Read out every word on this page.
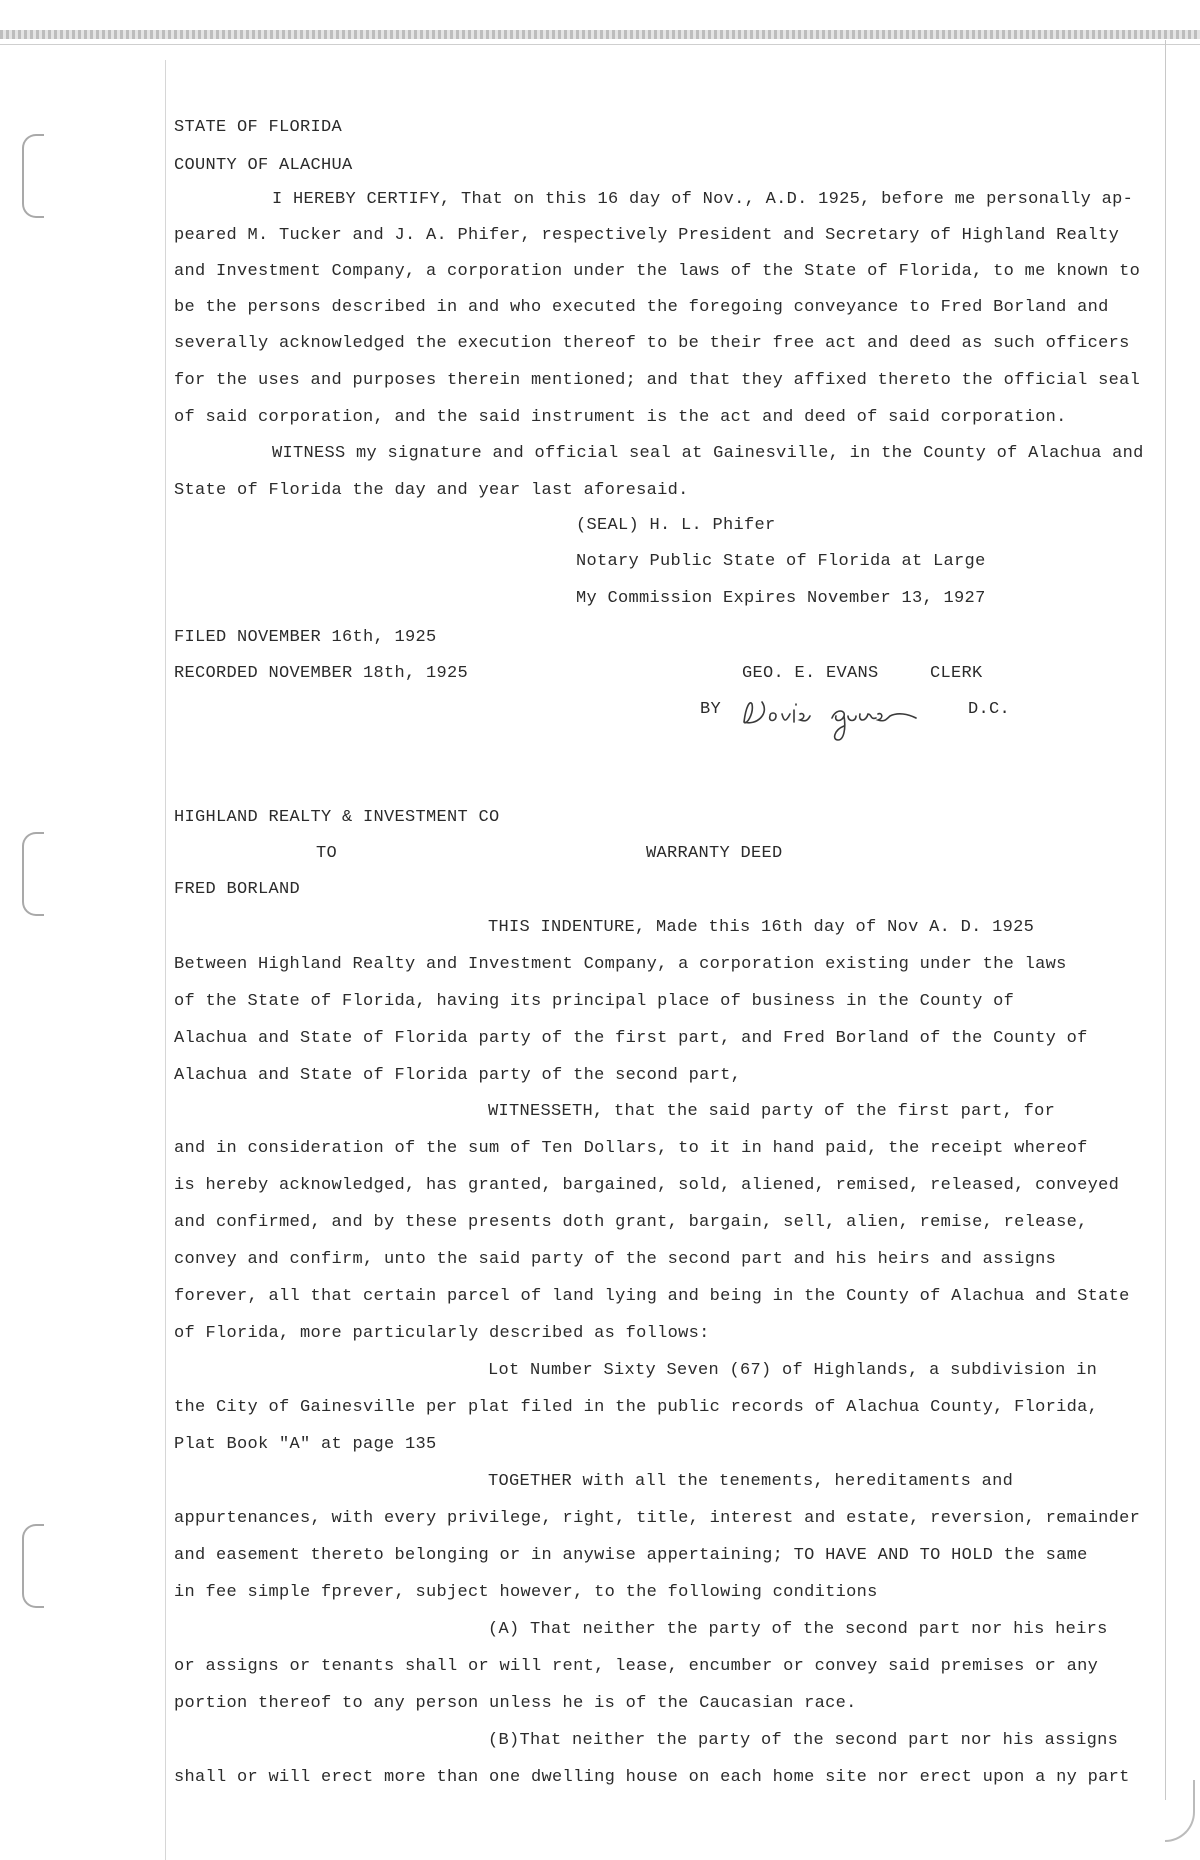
STATE OF FLORIDA
COUNTY OF ALACHUA
I HEREBY CERTIFY, That on this 16 day of Nov., A.D. 1925, before me personally ap-
peared M. Tucker and J. A. Phifer, respectively President and Secretary of Highland Realty
and Investment Company, a corporation under the laws of the State of Florida, to me known to
be the persons described in and who executed the foregoing conveyance to Fred Borland and
severally acknowledged the execution thereof to be their free act and deed as such officers
for the uses and purposes therein mentioned; and that they affixed thereto the official seal
of said corporation, and the said instrument is the act and deed of said corporation.
WITNESS my signature and official seal at Gainesville, in the County of Alachua and
State of Florida the day and year last aforesaid.
(SEAL) H. L. Phifer
Notary Public State of Florida at Large
My Commission Expires November 13, 1927
FILED NOVEMBER 16th, 1925
RECORDED NOVEMBER 18th, 1925	GEO. E. EVANS	CLERK
BY	D.C.
HIGHLAND REALTY & INVESTMENT CO
TO	WARRANTY DEED
FRED BORLAND
THIS INDENTURE, Made this 16th day of Nov A. D. 1925
Between Highland Realty and Investment Company, a corporation existing under the laws
of the State of Florida, having its principal place of business in the County of
Alachua and State of Florida party of the first part, and Fred Borland of the County of
Alachua and State of Florida party of the second part,
WITNESSETH, that the said party of the first part, for
and in consideration of the sum of Ten Dollars, to it in hand paid, the receipt whereof
is hereby acknowledged, has granted, bargained, sold, aliened, remised, released, conveyed
and confirmed, and by these presents doth grant, bargain, sell, alien, remise, release,
convey and confirm, unto the said party of the second part and his heirs and assigns
forever, all that certain parcel of land lying and being in the County of Alachua and State
of Florida, more particularly described as follows:
Lot Number Sixty Seven (67) of Highlands, a subdivision in
the City of Gainesville per plat filed in the public records of Alachua County, Florida,
Plat Book "A" at page 135
TOGETHER with all the tenements, hereditaments and
appurtenances, with every privilege, right, title, interest and estate, reversion, remainder
and easement thereto belonging or in anywise appertaining; TO HAVE AND TO HOLD the same
in fee simple fprever, subject however, to the following conditions
(A) That neither the party of the second part nor his heirs
or assigns or tenants shall or will rent, lease, encumber or convey said premises or any
portion thereof to any person unless he is of the Caucasian race.
(B)That neither the party of the second part nor his assigns
shall or will erect more than one dwelling house on each home site nor erect upon a ny part
